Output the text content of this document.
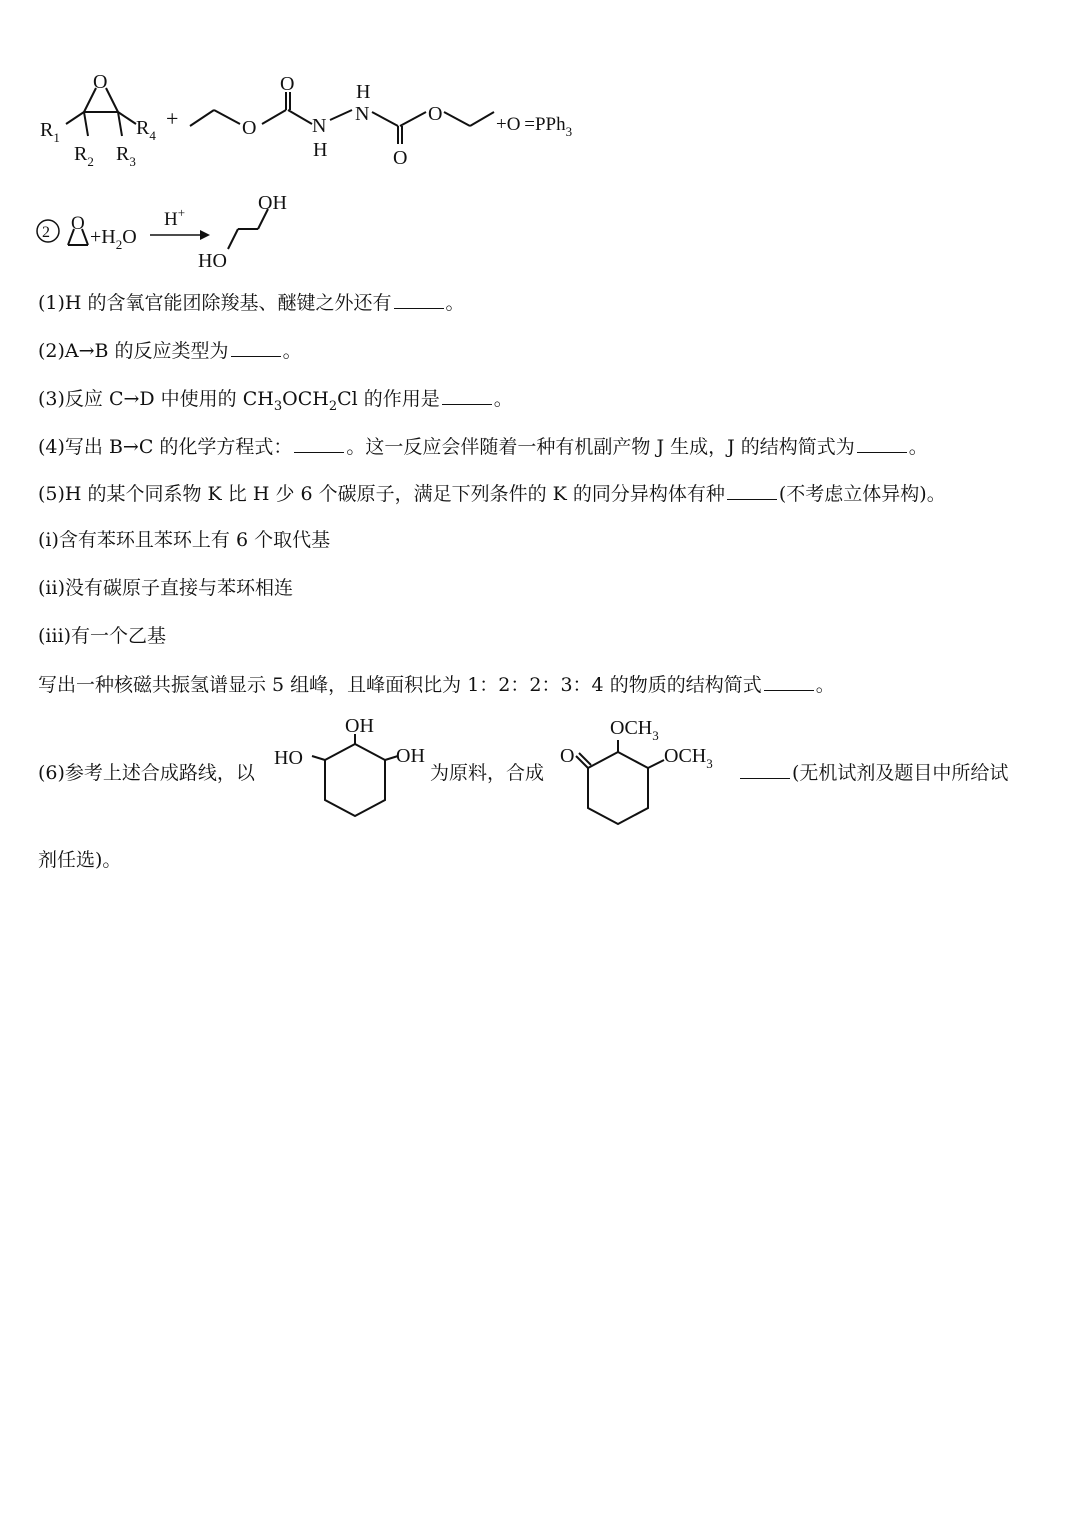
O
$R_1$
$R_2$ $R_3$
$R_4$
+
O
O	N
H
H
N
O
O	+O =PPh$_3$
2 O
$+H_2O$
H+	OH
HO
(1)H 的含氧官能团除羧基、醚键之外还有	。
(2)A→B 的反应类型为	。
(3)反应 C→D 中使用的 $CH_3OCH_2Cl$ 的作用是	。
(4)写出 B→C 的化学方程式：	。这一反应会伴随着一种有机副产物 J 生成，J 的结构简式为	。
(5)H 的某个同系物 K 比 H 少 6 个碳原子，满足下列条件的 K 的同分异构体有种	(不考虑立体异构)。
(i)含有苯环且苯环上有 6 个取代基
(ii)没有碳原子直接与苯环相连
(iii)有一个乙基
写出一种核磁共振氢谱显示 5 组峰，且峰面积比为 1：2：2：3：4 的物质的结构简式	。
(6)参考上述合成路线，以	为原料，合成	(无机试剂及题目中所给试
剂任选)。
HO
OH
OH	O
$OCH_3$
$OCH_3$
